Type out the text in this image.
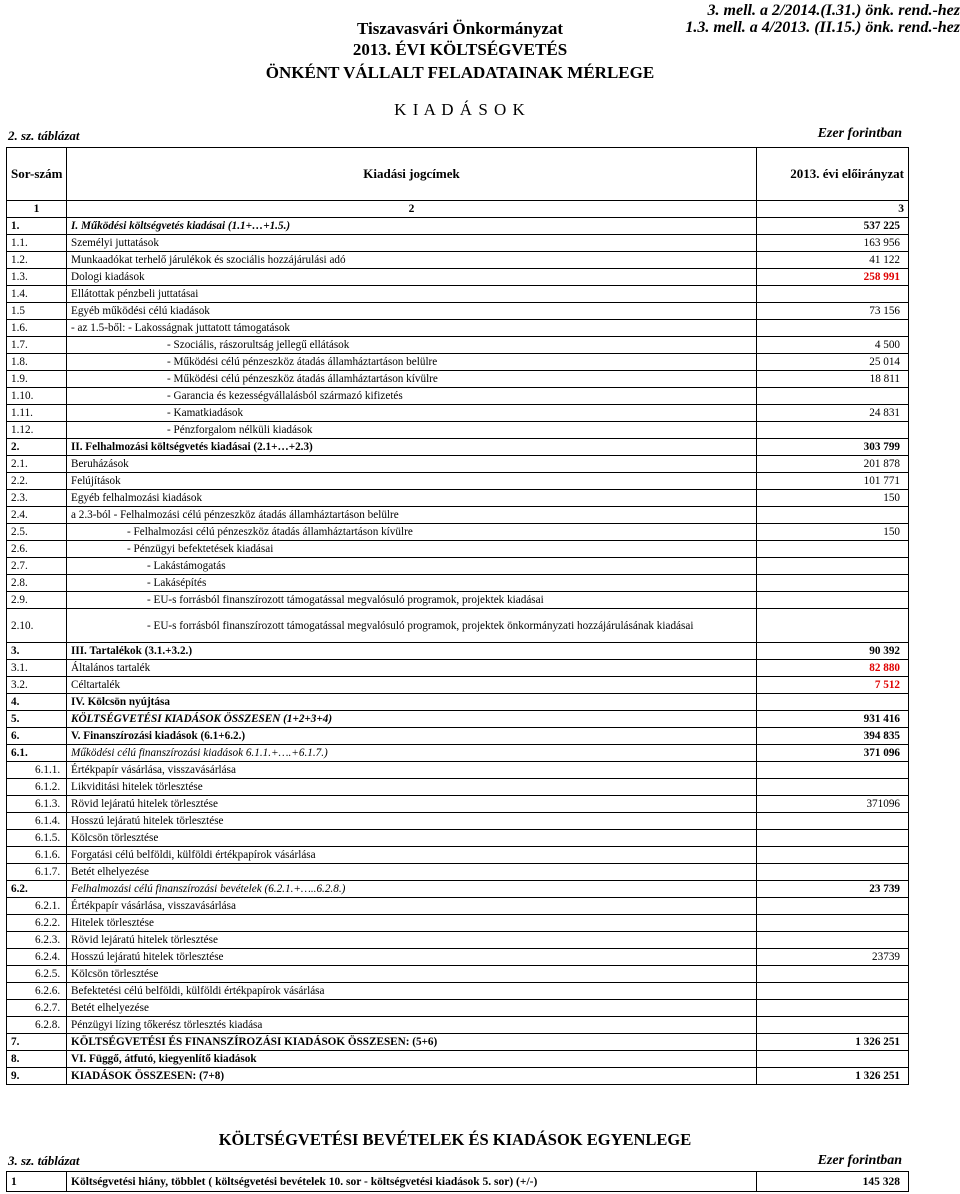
Tiszavasvári Önkormányzat
2013. ÉVI KÖLTSÉGVETÉS
ÖNKÉNT VÁLLALT FELADATAINAK MÉRLEGE
3. mell. a 2/2014.(I.31.) önk. rend.-hez
1.3. mell. a 4/2013. (II.15.) önk. rend.-hez
K I A D Á S O K
2. sz. táblázat	Ezer forintban
Sor-szám	Kiadási jogcímek	2013. évi előirányzat
1	2	3
1.	I. Működési költségvetés kiadásai (1.1+…+1.5.)	537 225
1.1.	Személyi juttatások	163 956
1.2.	Munkaadókat terhelő járulékok és szociális hozzájárulási adó	41 122
1.3.	Dologi kiadások	258 991
1.4.	Ellátottak pénzbeli juttatásai	
1.5	Egyéb működési célú kiadások	73 156
1.6.	- az 1.5-ből: - Lakosságnak juttatott támogatások	
1.7.	- Szociális, rászorultság jellegű ellátások	4 500
1.8.	- Működési célú pénzeszköz átadás államháztartáson belülre	25 014
1.9.	- Működési célú pénzeszköz átadás államháztartáson kívülre	18 811
1.10.	- Garancia és kezességvállalásból származó kifizetés	
1.11.	- Kamatkiadások	24 831
1.12.	- Pénzforgalom nélküli kiadások	
2.	II. Felhalmozási költségvetés kiadásai (2.1+…+2.3)	303 799
2.1.	Beruházások	201 878
2.2.	Felújítások	101 771
2.3.	Egyéb felhalmozási kiadások	150
2.4.	a 2.3-ból - Felhalmozási célú pénzeszköz átadás államháztartáson belülre	
2.5.	- Felhalmozási célú pénzeszköz átadás államháztartáson kívülre	150
2.6.	- Pénzügyi befektetések kiadásai	
2.7.	- Lakástámogatás	
2.8.	- Lakásépítés	
2.9.	- EU-s forrásból finanszírozott támogatással megvalósuló programok, projektek kiadásai	
2.10.	- EU-s forrásból finanszírozott támogatással megvalósuló programok, projektek önkormányzati hozzájárulásának kiadásai	
3.	III. Tartalékok (3.1.+3.2.)	90 392
3.1.	Általános tartalék	82 880
3.2.	Céltartalék	7 512
4.	IV. Kölcsön nyújtása	
5.	KÖLTSÉGVETÉSI KIADÁSOK ÖSSZESEN (1+2+3+4)	931 416
6.	V. Finanszírozási kiadások (6.1+6.2.)	394 835
6.1.	Működési célú finanszírozási kiadások 6.1.1.+….+6.1.7.)	371 096
6.1.1.	Értékpapír vásárlása, visszavásárlása	
6.1.2.	Likviditási hitelek törlesztése	
6.1.3.	Rövid lejáratú hitelek törlesztése	371096
6.1.4.	Hosszú lejáratú hitelek törlesztése	
6.1.5.	Kölcsön törlesztése	
6.1.6.	Forgatási célú belföldi, külföldi értékpapírok vásárlása	
6.1.7.	Betét elhelyezése	
6.2.	Felhalmozási célú finanszírozási bevételek (6.2.1.+…..6.2.8.)	23 739
6.2.1.	Értékpapír vásárlása, visszavásárlása	
6.2.2.	Hitelek törlesztése	
6.2.3.	Rövid lejáratú hitelek törlesztése	
6.2.4.	Hosszú lejáratú hitelek törlesztése	23739
6.2.5.	Kölcsön törlesztése	
6.2.6.	Befektetési célú belföldi, külföldi értékpapírok vásárlása	
6.2.7.	Betét elhelyezése	
6.2.8.	Pénzügyi lízing tőkerész törlesztés kiadása	
7.	KÖLTSÉGVETÉSI ÉS FINANSZÍROZÁSI KIADÁSOK ÖSSZESEN: (5+6)	1 326 251
8.	VI. Függő, átfutó, kiegyenlítő kiadások	
9.	KIADÁSOK ÖSSZESEN: (7+8)	1 326 251
KÖLTSÉGVETÉSI BEVÉTELEK ÉS KIADÁSOK EGYENLEGE
3. sz. táblázat	Ezer forintban
1	Költségvetési hiány, többlet ( költségvetési bevételek 10. sor - költségvetési kiadások 5. sor) (+/-)	145 328
